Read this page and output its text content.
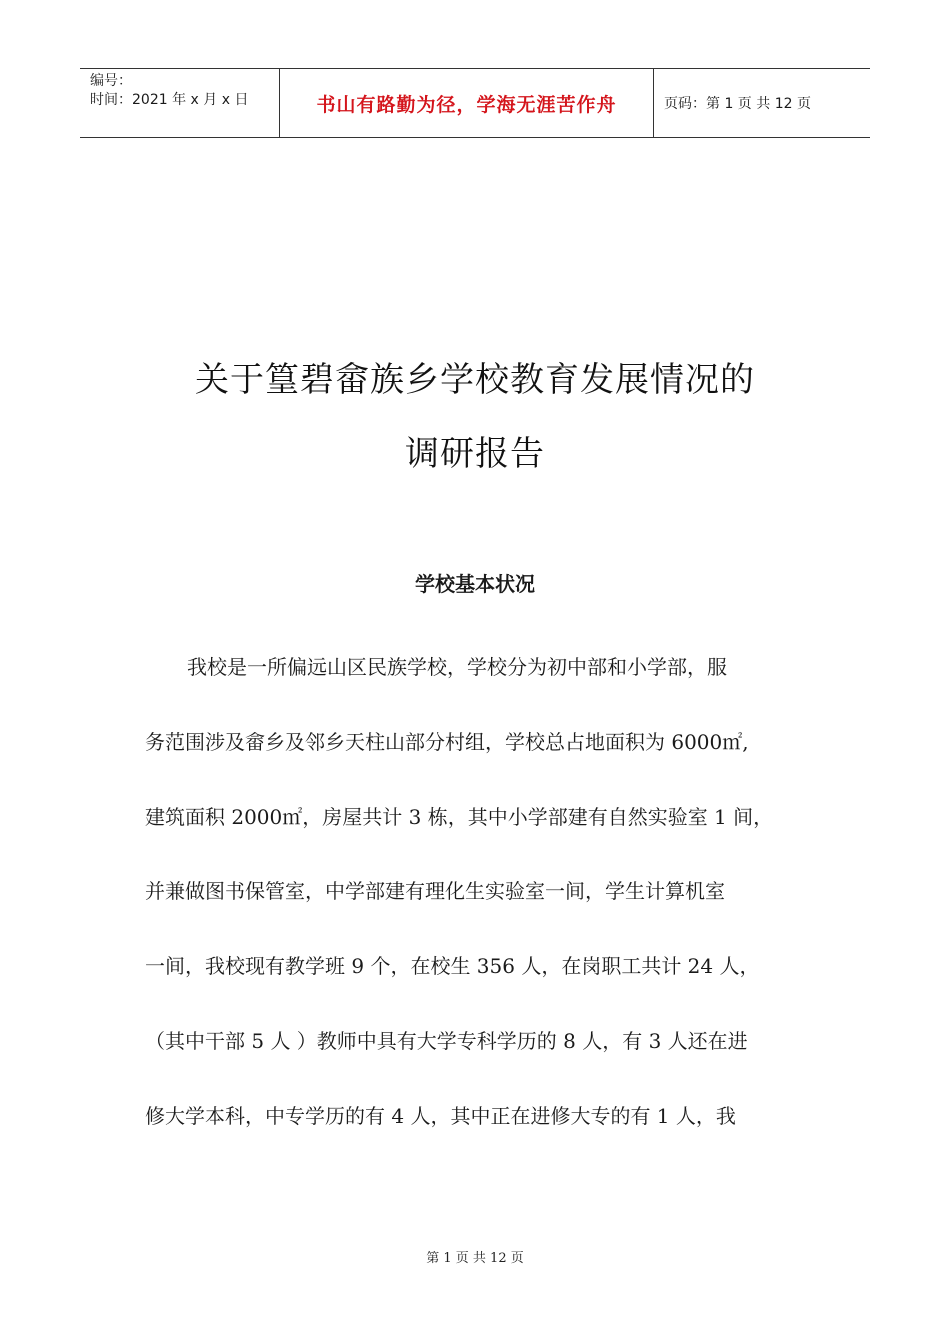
编号：
时间：2021 年 x 月 x 日	书山有路勤为径，学海无涯苦作舟	页码：第 1 页 共 12 页
关于篁碧畲族乡学校教育发展情况的
调研报告
学校基本状况
我校是一所偏远山区民族学校，学校分为初中部和小学部，服
务范围涉及畲乡及邻乡天柱山部分村组，学校总占地面积为 6000㎡,
建筑面积 2000㎡，房屋共计 3 栋，其中小学部建有自然实验室 1 间，
并兼做图书保管室，中学部建有理化生实验室一间，学生计算机室
一间，我校现有教学班 9 个，在校生 356 人，在岗职工共计 24 人，
（其中干部 5 人 ）教师中具有大学专科学历的 8 人，有 3 人还在进
修大学本科，中专学历的有 4 人，其中正在进修大专的有 1 人，我
第 1 页 共 12 页
